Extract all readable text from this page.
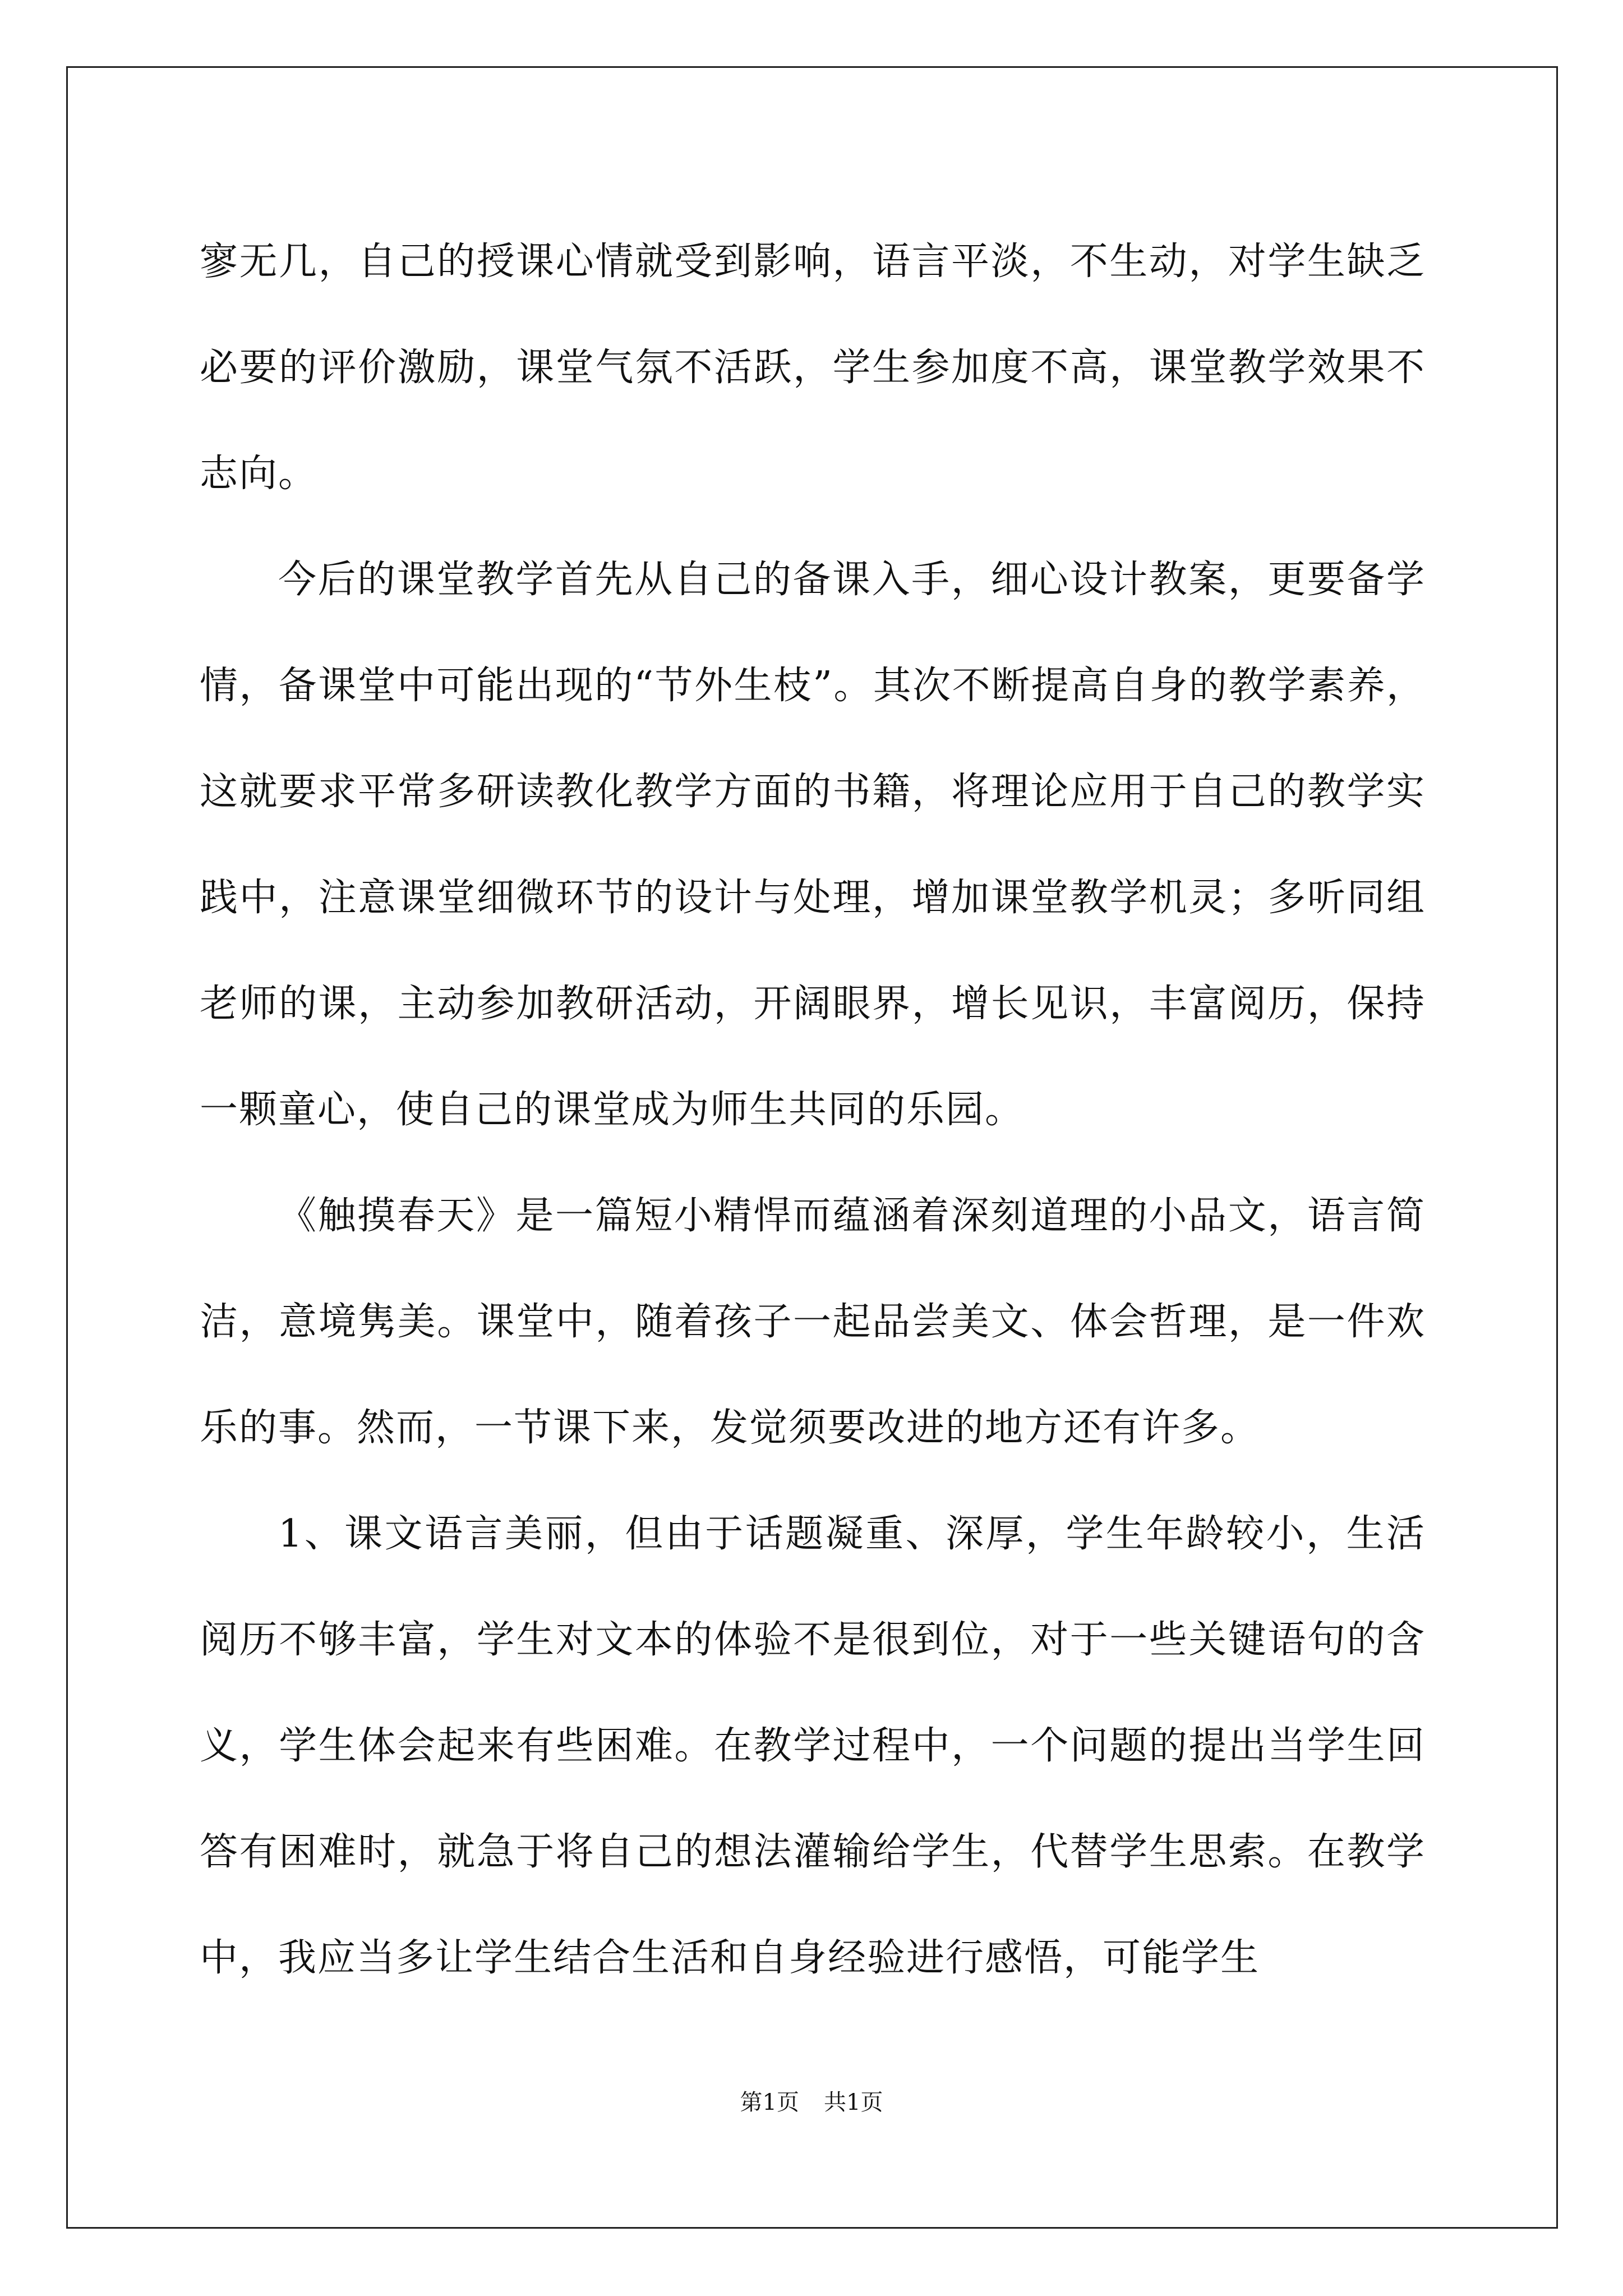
寥无几，自己的授课心情就受到影响，语言平淡，不生动，对学生缺乏必要的评价激励，课堂气氛不活跃，学生参加度不高，课堂教学效果不志向。

今后的课堂教学首先从自己的备课入手，细心设计教案，更要备学情，备课堂中可能出现的“节外生枝”。其次不断提高自身的教学素养，这就要求平常多研读教化教学方面的书籍，将理论应用于自己的教学实践中，注意课堂细微环节的设计与处理，增加课堂教学机灵；多听同组老师的课，主动参加教研活动，开阔眼界，增长见识，丰富阅历，保持一颗童心，使自己的课堂成为师生共同的乐园。

《触摸春天》是一篇短小精悍而蕴涵着深刻道理的小品文，语言简洁，意境隽美。课堂中，随着孩子一起品尝美文、体会哲理，是一件欢乐的事。然而，一节课下来，发觉须要改进的地方还有许多。

1、课文语言美丽，但由于话题凝重、深厚，学生年龄较小，生活阅历不够丰富，学生对文本的体验不是很到位，对于一些关键语句的含义，学生体会起来有些困难。在教学过程中，一个问题的提出当学生回答有困难时，就急于将自己的想法灌输给学生，代替学生思索。在教学中，我应当多让学生结合生活和自身经验进行感悟，可能学生

第1页 共1页
